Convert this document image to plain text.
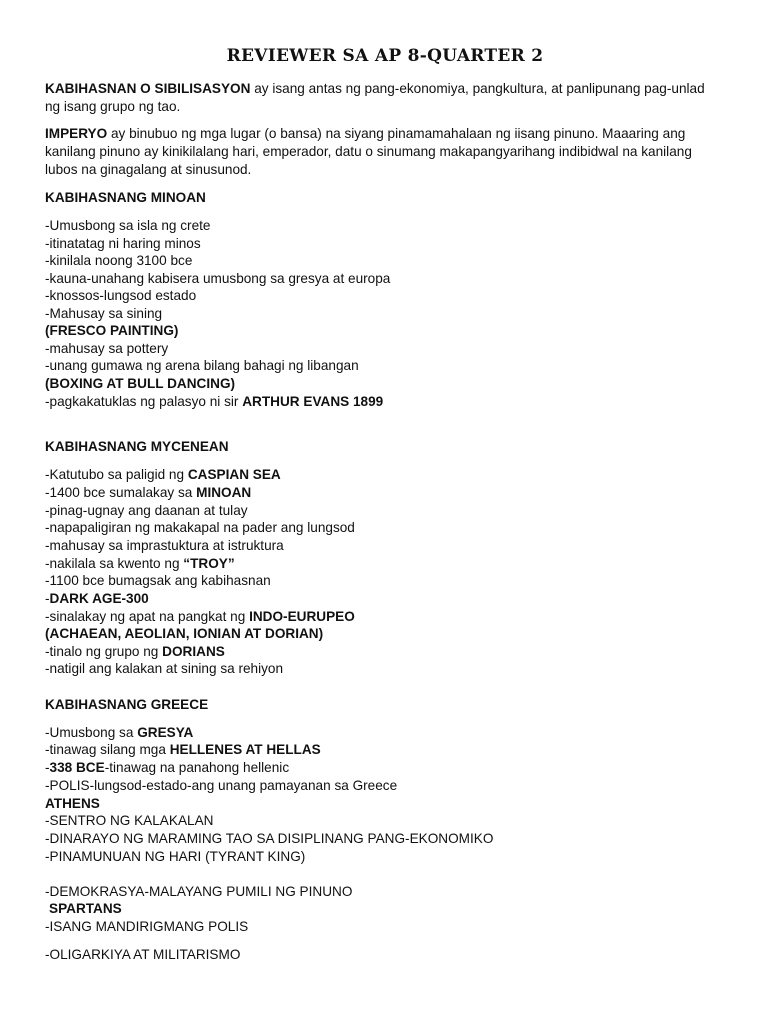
REVIEWER SA AP 8-QUARTER 2

KABIHASNAN O SIBILISASYON ay isang antas ng pang-ekonomiya, pangkultura, at panlipunang pag-unlad ng isang grupo ng tao.

IMPERYO ay binubuo ng mga lugar (o bansa) na siyang pinamamahalaan ng iisang pinuno. Maaaring ang kanilang pinuno ay kinikilalang hari, emperador, datu o sinumang makapangyarihang indibidwal na kanilang lubos na ginagalang at sinusunod.

KABIHASNANG MINOAN
-Umusbong sa isla ng crete
-itinatatag ni haring minos
-kinilala noong 3100 bce
-kauna-unahang kabisera umusbong sa gresya at europa
-knossos-lungsod estado
-Mahusay sa sining
(FRESCO PAINTING)
-mahusay sa pottery
-unang gumawa ng arena bilang bahagi ng libangan
(BOXING AT BULL DANCING)
-pagkakatuklas ng palasyo ni sir ARTHUR EVANS 1899
KABIHASNANG MYCENEAN
-Katutubo sa paligid ng CASPIAN SEA
-1400 bce sumalakay sa MINOAN
-pinag-ugnay ang daanan at tulay
-napapaligiran ng makakapal na pader ang lungsod
-mahusay sa imprastuktura at istruktura
-nakilala sa kwento ng “TROY”
-1100 bce bumagsak ang kabihasnan
-DARK AGE-300
-sinalakay ng apat na pangkat ng INDO-EURUPEO
(ACHAEAN, AEOLIAN, IONIAN AT DORIAN)
-tinalo ng grupo ng DORIANS
-natigil ang kalakan at sining sa rehiyon
KABIHASNANG GREECE
-Umusbong sa GRESYA
-tinawag silang mga HELLENES AT HELLAS
-338 BCE-tinawag na panahong hellenic
-POLIS-lungsod-estado-ang unang pamayanan sa Greece
ATHENS
-SENTRO NG KALAKALAN
-DINARAYO NG MARAMING TAO SA DISIPLINANG PANG-EKONOMIKO
-PINAMUNUAN NG HARI (TYRANT KING)
-DEMOKRASYA-MALAYANG PUMILI NG PINUNO
SPARTANS
-ISANG MANDIRIGMANG POLIS
-OLIGARKIYA AT MILITARISMO
